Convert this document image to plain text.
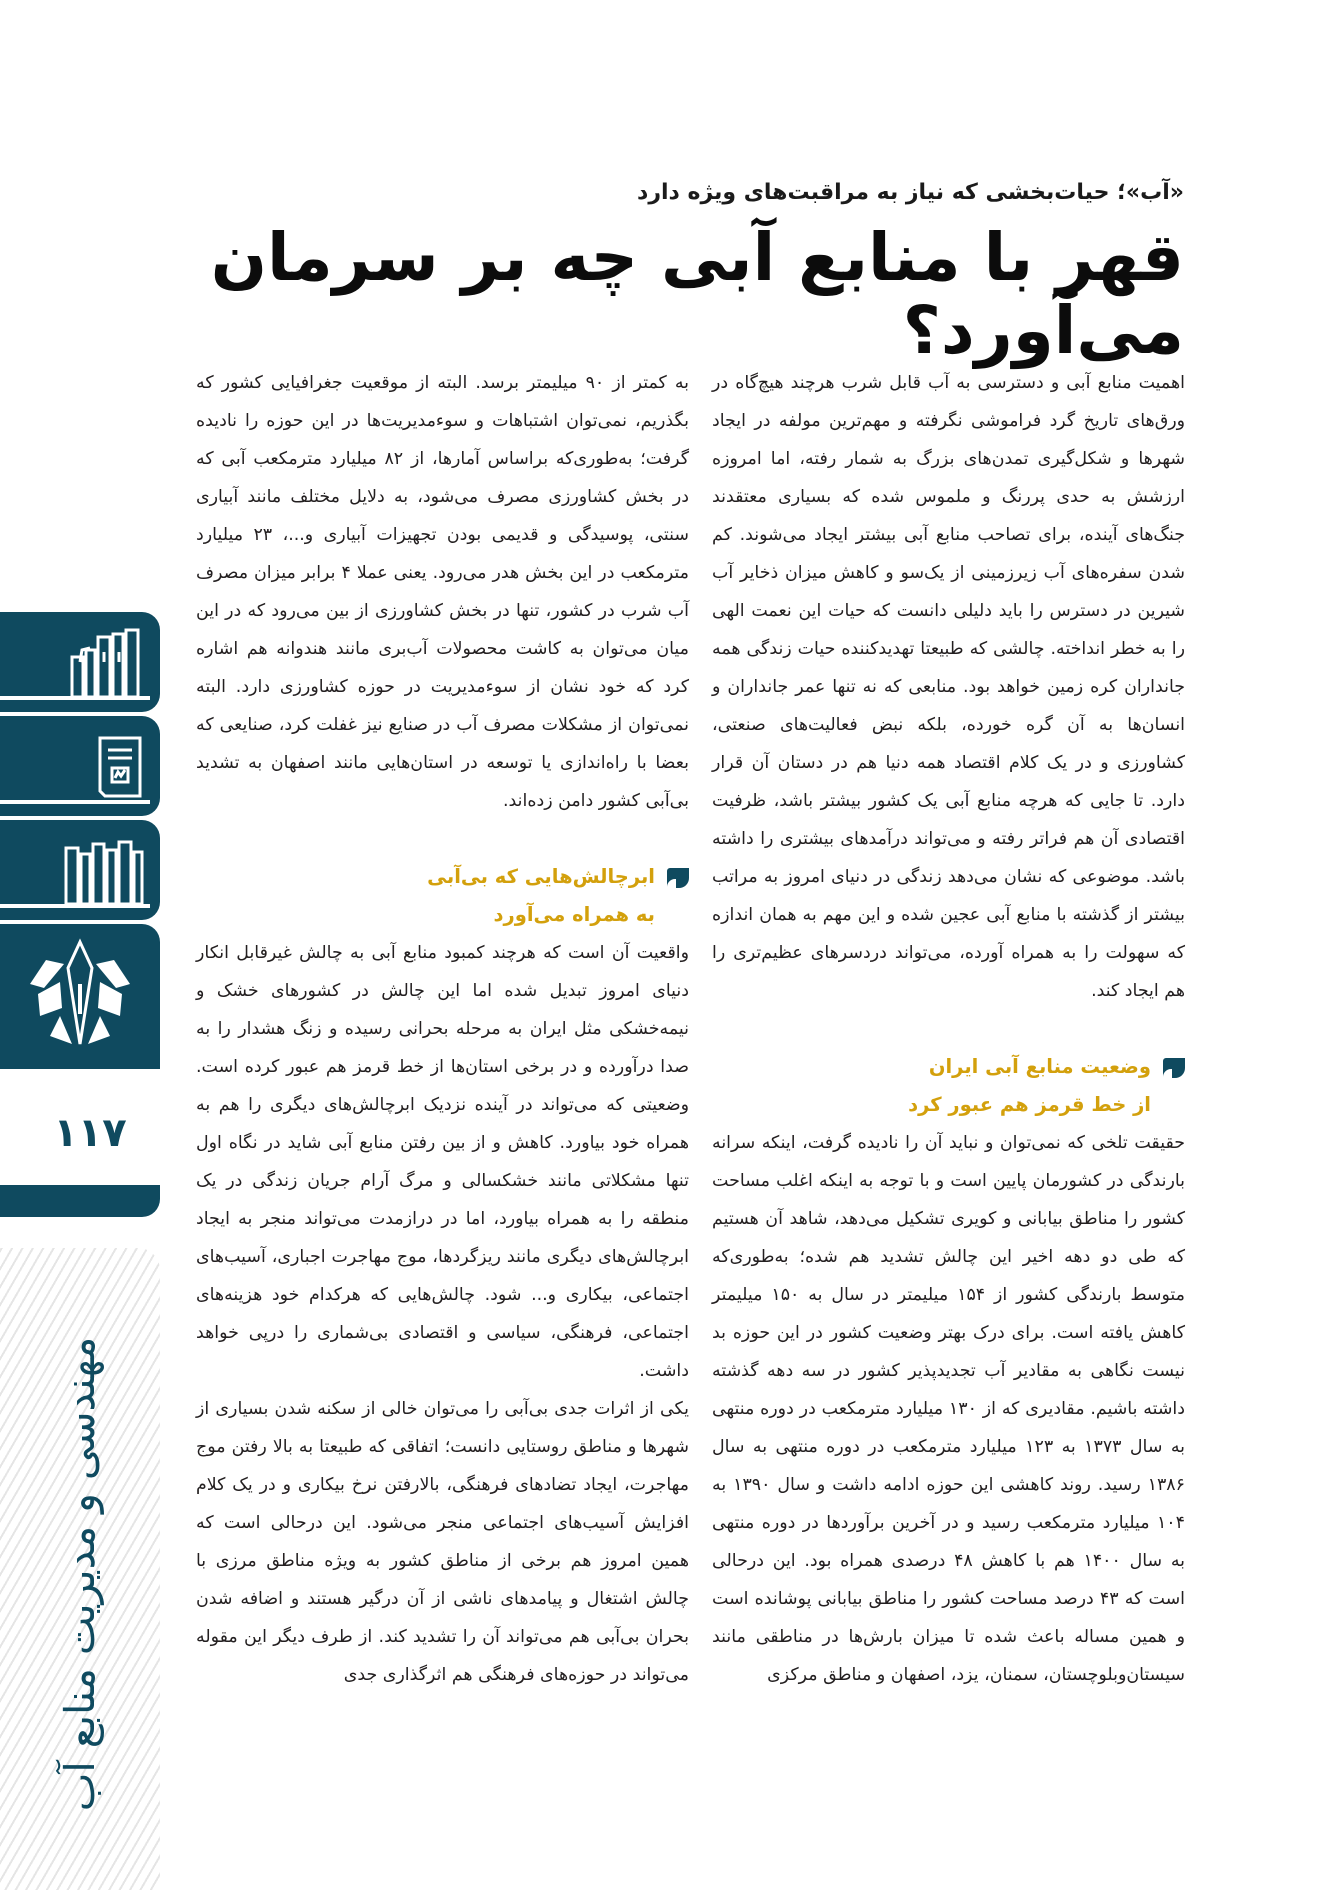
«آب»؛ حیات‌بخشی که نیاز به مراقبت‌های ویژه دارد
قهر با منابع آبی چه بر سرمان می‌آورد؟

اهمیت منابع آبی و دسترسی به آب قابل شرب هرچند هیچ‌گاه در ورق‌های تاریخ گرد فراموشی نگرفته و مهم‌ترین مولفه در ایجاد شهرها و شکل‌گیری تمدن‌های بزرگ به شمار رفته، اما امروزه ارزشش به حدی پررنگ و ملموس شده که بسیاری معتقدند جنگ‌های آینده، برای تصاحب منابع آبی بیشتر ایجاد می‌شوند. کم شدن سفره‌های آب زیرزمینی از یک‌سو و کاهش میزان ذخایر آب شیرین در دسترس را باید دلیلی دانست که حیات این نعمت الهی را به خطر انداخته. چالشی که طبیعتا تهدیدکننده حیات زندگی همه جانداران کره زمین خواهد بود. منابعی که نه تنها عمر جانداران و انسان‌ها به آن گره خورده، بلکه نبض فعالیت‌های صنعتی، کشاورزی و در یک کلام اقتصاد همه دنیا هم در دستان آن قرار دارد. تا جایی که هرچه منابع آبی یک کشور بیشتر باشد، ظرفیت اقتصادی آن هم فراتر رفته و می‌تواند درآمدهای بیشتری را داشته باشد. موضوعی که نشان می‌دهد زندگی در دنیای امروز به مراتب بیشتر از گذشته با منابع آبی عجین شده و این مهم به همان اندازه که سهولت را به همراه آورده، می‌تواند دردسرهای عظیم‌تری را هم ایجاد کند.

وضعیت منابع آبی ایران
از خط قرمز هم عبور کرد

حقیقت تلخی که نمی‌توان و نباید آن را نادیده گرفت، اینکه سرانه بارندگی در کشورمان پایین است و با توجه به اینکه اغلب مساحت کشور را مناطق بیابانی و کویری تشکیل می‌دهد، شاهد آن هستیم که طی دو دهه اخیر این چالش تشدید هم شده؛ به‌طوری‌که متوسط بارندگی کشور از ۱۵۴ میلیمتر در سال به ۱۵۰ میلیمتر کاهش یافته است. برای درک بهتر وضعیت کشور در این حوزه بد نیست نگاهی به مقادیر آب تجدیدپذیر کشور در سه دهه گذشته داشته باشیم. مقادیری که از ۱۳۰ میلیارد مترمکعب در دوره منتهی به سال ۱۳۷۳ به ۱۲۳ میلیارد مترمکعب در دوره منتهی به سال ۱۳۸۶ رسید. روند کاهشی این حوزه ادامه داشت و سال ۱۳۹۰ به ۱۰۴ میلیارد مترمکعب رسید و در آخرین برآوردها در دوره منتهی به سال ۱۴۰۰ هم با کاهش ۴۸ درصدی همراه بود. این درحالی است که ۴۳ درصد مساحت کشور را مناطق بیابانی پوشانده است و همین مساله باعث شده تا میزان بارش‌ها در مناطقی مانند سیستان‌وبلوچستان، سمنان، یزد، اصفهان و مناطق مرکزی

به کمتر از ۹۰ میلیمتر برسد. البته از موقعیت جغرافیایی کشور که بگذریم، نمی‌توان اشتباهات و سوءمدیریت‌ها در این حوزه را نادیده گرفت؛ به‌طوری‌که براساس آمارها، از ۸۲ میلیارد مترمکعب آبی که در بخش کشاورزی مصرف می‌شود، به دلایل مختلف مانند آبیاری سنتی، پوسیدگی و قدیمی بودن تجهیزات آبیاری و...، ۲۳ میلیارد مترمکعب در این بخش هدر می‌رود. یعنی عملا ۴ برابر میزان مصرف آب شرب در کشور، تنها در بخش کشاورزی از بین می‌رود که در این میان می‌توان به کاشت محصولات آب‌بری مانند هندوانه هم اشاره کرد که خود نشان از سوءمدیریت در حوزه کشاورزی دارد. البته نمی‌توان از مشکلات مصرف آب در صنایع نیز غفلت کرد، صنایعی که بعضا با راه‌اندازی یا توسعه در استان‌هایی مانند اصفهان به تشدید بی‌آبی کشور دامن زده‌اند.

ابرچالش‌هایی که بی‌آبی
به همراه می‌آورد

واقعیت آن است که هرچند کمبود منابع آبی به چالش غیرقابل انکار دنیای امروز تبدیل شده اما این چالش در کشورهای خشک و نیمه‌خشکی مثل ایران به مرحله بحرانی رسیده و زنگ هشدار را به صدا درآورده و در برخی استان‌ها از خط قرمز هم عبور کرده است. وضعیتی که می‌تواند در آینده نزدیک ابرچالش‌های دیگری را هم به همراه خود بیاورد. کاهش و از بین رفتن منابع آبی شاید در نگاه اول تنها مشکلاتی مانند خشکسالی و مرگ آرام جریان زندگی در یک منطقه را به همراه بیاورد، اما در درازمدت می‌تواند منجر به ایجاد ابرچالش‌های دیگری مانند ریزگردها، موج مهاجرت اجباری، آسیب‌های اجتماعی، بیکاری و... شود. چالش‌هایی که هرکدام خود هزینه‌های اجتماعی، فرهنگی، سیاسی و اقتصادی بی‌شماری را درپی خواهد داشت.

یکی از اثرات جدی بی‌آبی را می‌توان خالی از سکنه شدن بسیاری از شهرها و مناطق روستایی دانست؛ اتفاقی که طبیعتا به بالا رفتن موج مهاجرت، ایجاد تضادهای فرهنگی، بالارفتن نرخ بیکاری و در یک کلام افزایش آسیب‌های اجتماعی منجر می‌شود. این درحالی است که همین امروز هم برخی از مناطق کشور به ویژه مناطق مرزی با چالش اشتغال و پیامدهای ناشی از آن درگیر هستند و اضافه شدن بحران بی‌آبی هم می‌تواند آن را تشدید کند. از طرف دیگر این مقوله می‌تواند در حوزه‌های فرهنگی هم اثرگذاری جدی

۱۱۷
مهندسی و مدیریت منابع آب
